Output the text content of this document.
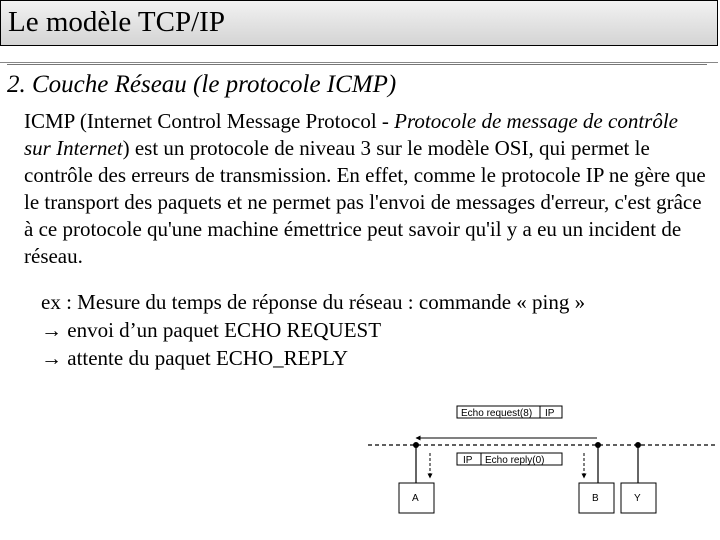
Le modèle TCP/IP
2. Couche Réseau (le protocole ICMP)
ICMP (Internet Control Message Protocol - Protocole de message de contrôle sur Internet) est un protocole de niveau 3 sur le modèle OSI, qui permet le contrôle des erreurs de transmission. En effet, comme le protocole IP ne gère que le transport des paquets et ne permet pas l'envoi de messages d'erreur, c'est grâce à ce protocole qu'une machine émettrice peut savoir qu'il y a eu un incident de réseau.
ex : Mesure du temps de réponse du réseau : commande « ping »
→ envoi d’un paquet ECHO REQUEST
→ attente du paquet ECHO_REPLY
Echo request(8) IP
IP Echo reply(0)
A	B	Y
